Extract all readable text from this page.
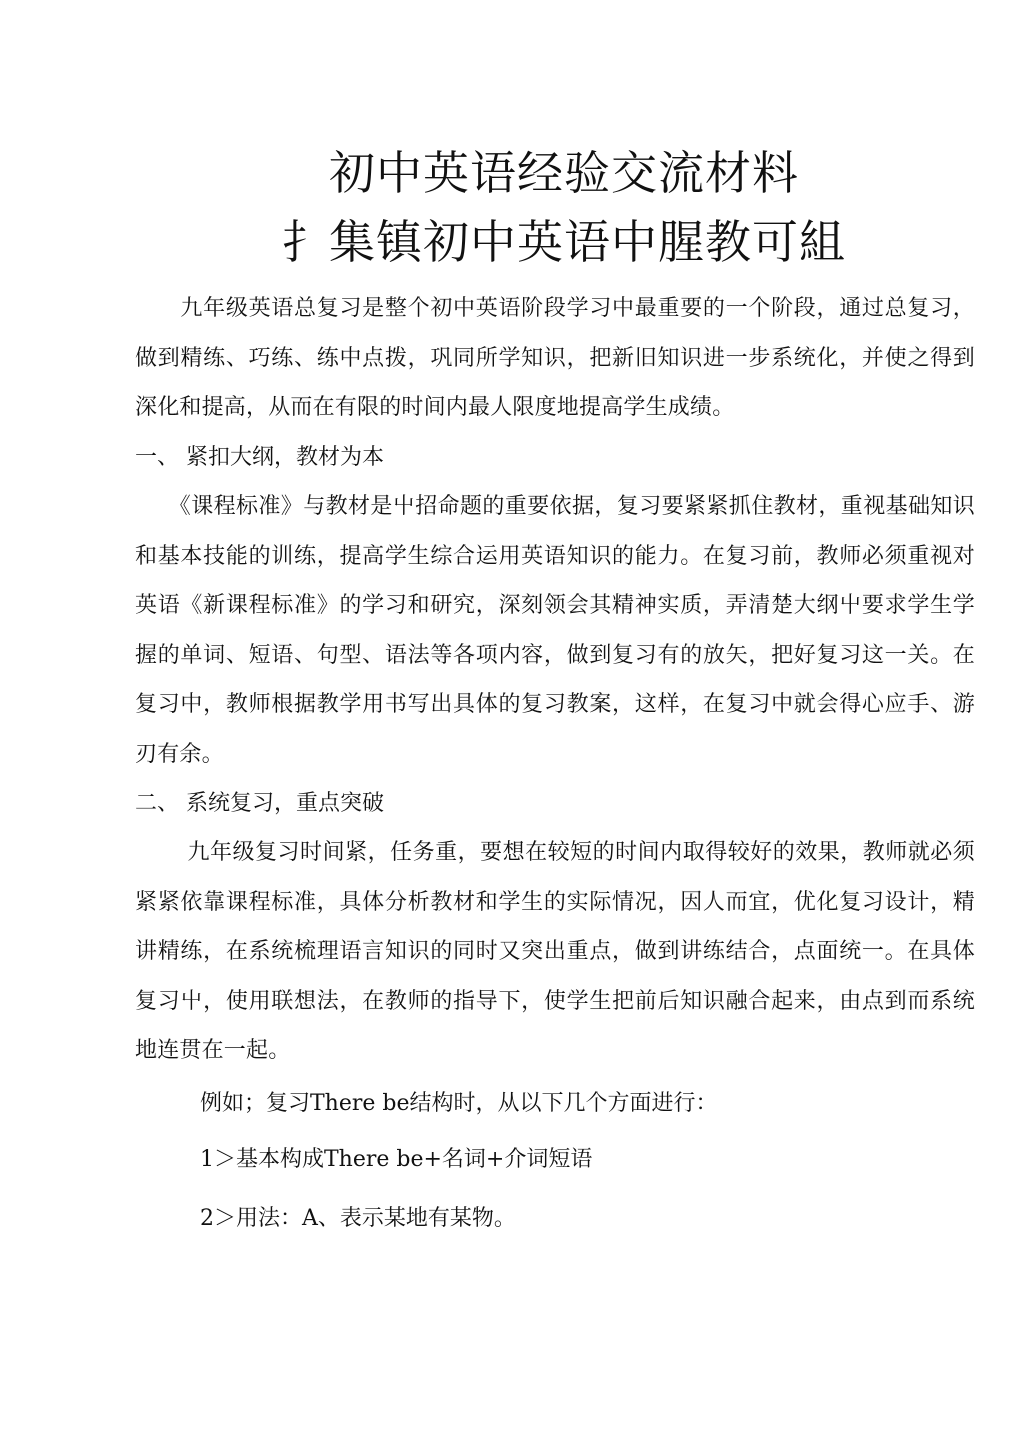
初中英语经验交流材料
扌集镇初中英语中腥教可組

　　九年级英语总复习是整个初中英语阶段学习中最重要的一个阶段，通过总复习，做到精练、巧练、练中点拨，巩同所学知识，把新旧知识进一步系统化，并使之得到深化和提高，从而在有限的时间内最人限度地提高学生成绩。

一、 紧扣大纲，教材为本

　　《课程标准》与教材是屮招命题的重要依据，复习要紧紧抓住教材，重视基础知识和基本技能的训练，提高学生综合运用英语知识的能力。在复习前，教师必须重视对英语《新课程标准》的学习和研究，深刻领会其精神实质，弄清楚大纲屮要求学生学握的单词、短语、句型、语法等各项内容，做到复习有的放矢，把好复习这一关。在复习中，教师根据教学用书写出具体的复习教案，这样，在复习中就会得心应手、游刃有余。

二、 系统复习，重点突破

　　 九年级复习时间紧，任务重，要想在较短的时间内取得较好的效果，教师就必须紧紧依靠课程标准，具体分析教材和学生的实际情况，因人而宜，优化复习设计，精讲精练，在系统梳理语言知识的同时又突出重点，做到讲练结合，点面统一。在具体复习屮，使用联想法，在教师的指导下，使学生把前后知识融合起来，由点到而系统地连贯在一起。

例如；复习There be结构时，从以下几个方面进行：

1＞基本构成There be+名词+介词短语

2＞用法：A、表示某地有某物。
